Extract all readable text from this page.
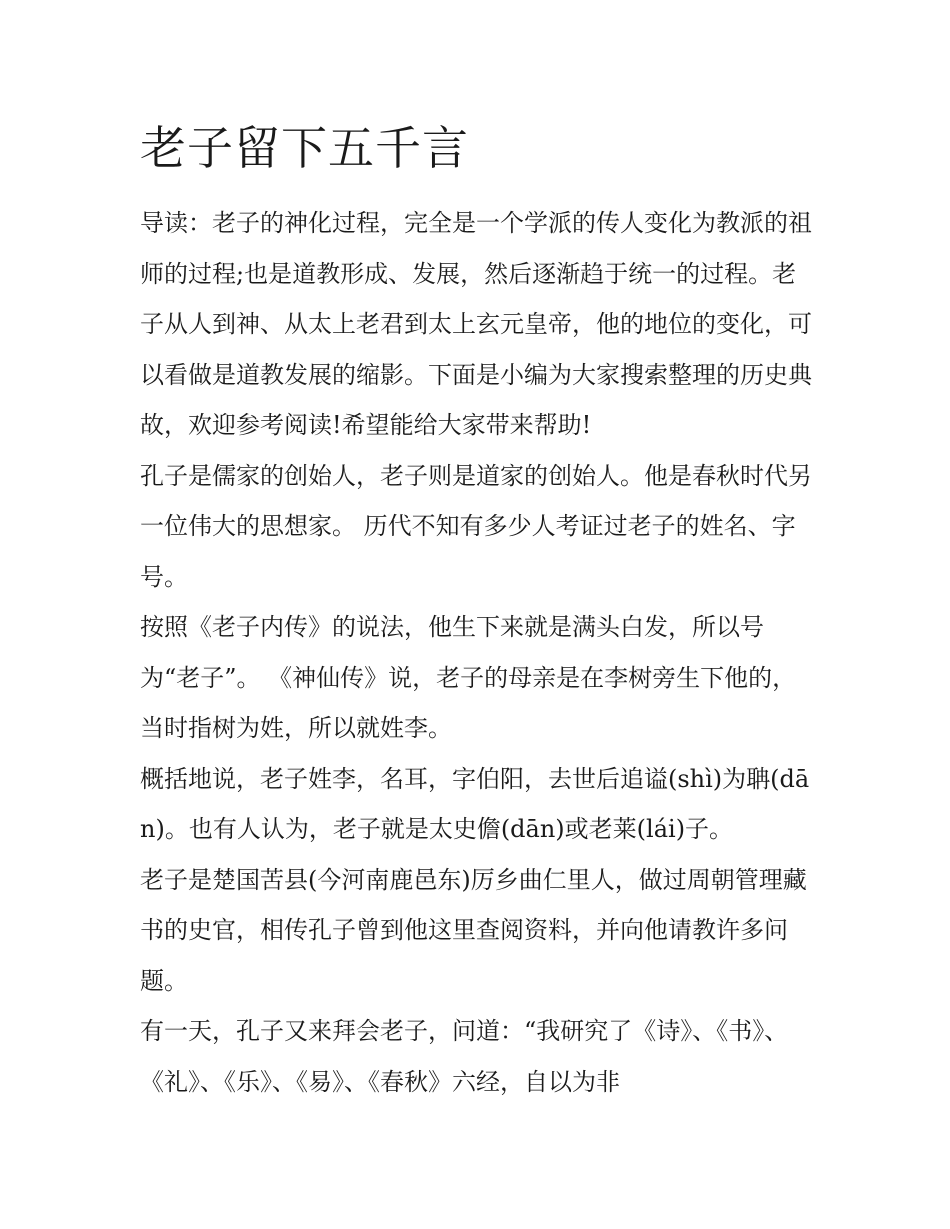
老子留下五千言

导读：老子的神化过程，完全是一个学派的传人变化为教派的祖师的过程;也是道教形成、发展，然后逐渐趋于统一的过程。老子从人到神、从太上老君到太上玄元皇帝，他的地位的变化，可以看做是道教发展的缩影。下面是小编为大家搜索整理的历史典故，欢迎参考阅读!希望能给大家带来帮助!

孔子是儒家的创始人，老子则是道家的创始人。他是春秋时代另一位伟大的思想家。 历代不知有多少人考证过老子的姓名、字号。

按照《老子内传》的说法，他生下来就是满头白发，所以号为“老子”。 《神仙传》说，老子的母亲是在李树旁生下他的，当时指树为姓，所以就姓李。

概括地说，老子姓李，名耳，字伯阳，去世后追谥(shì)为聃(dān)。也有人认为，老子就是太史儋(dān)或老莱(lái)子。

老子是楚国苦县(今河南鹿邑东)厉乡曲仁里人，做过周朝管理藏书的史官，相传孔子曾到他这里查阅资料，并向他请教许多问题。

有一天，孔子又来拜会老子，问道：“我研究了《诗》、《书》、《礼》、《乐》、《易》、《春秋》六经，自以为非
